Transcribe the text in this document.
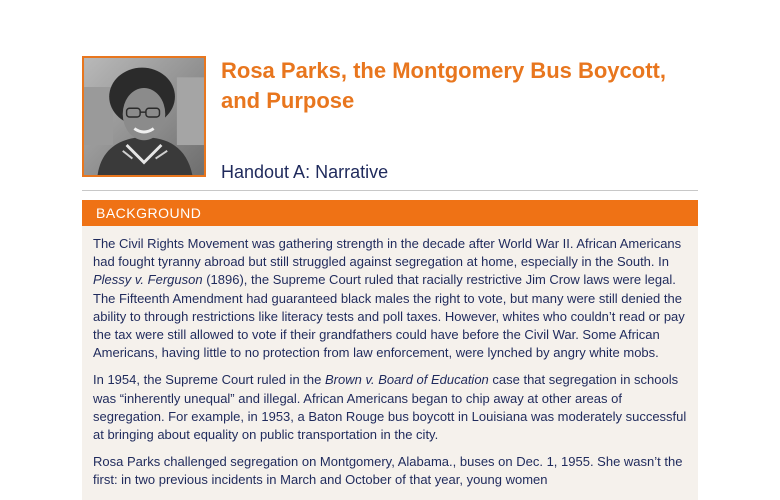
Rosa Parks, the Montgomery Bus Boycott, and Purpose
Handout A: Narrative
BACKGROUND

The Civil Rights Movement was gathering strength in the decade after World War II. African Americans had fought tyranny abroad but still struggled against segregation at home, especially in the South. In Plessy v. Ferguson (1896), the Supreme Court ruled that racially restrictive Jim Crow laws were legal. The Fifteenth Amendment had guaranteed black males the right to vote, but many were still denied the ability to through restrictions like literacy tests and poll taxes. However, whites who couldn’t read or pay the tax were still allowed to vote if their grandfathers could have before the Civil War. Some African Americans, having little to no protection from law enforcement, were lynched by angry white mobs.

In 1954, the Supreme Court ruled in the Brown v. Board of Education case that segregation in schools was “inherently unequal” and illegal. African Americans began to chip away at other areas of segregation. For example, in 1953, a Baton Rouge bus boycott in Louisiana was moderately successful at bringing about equality on public transportation in the city.

Rosa Parks challenged segregation on Montgomery, Alabama., buses on Dec. 1, 1955. She wasn’t the first: in two previous incidents in March and October of that year, young women
